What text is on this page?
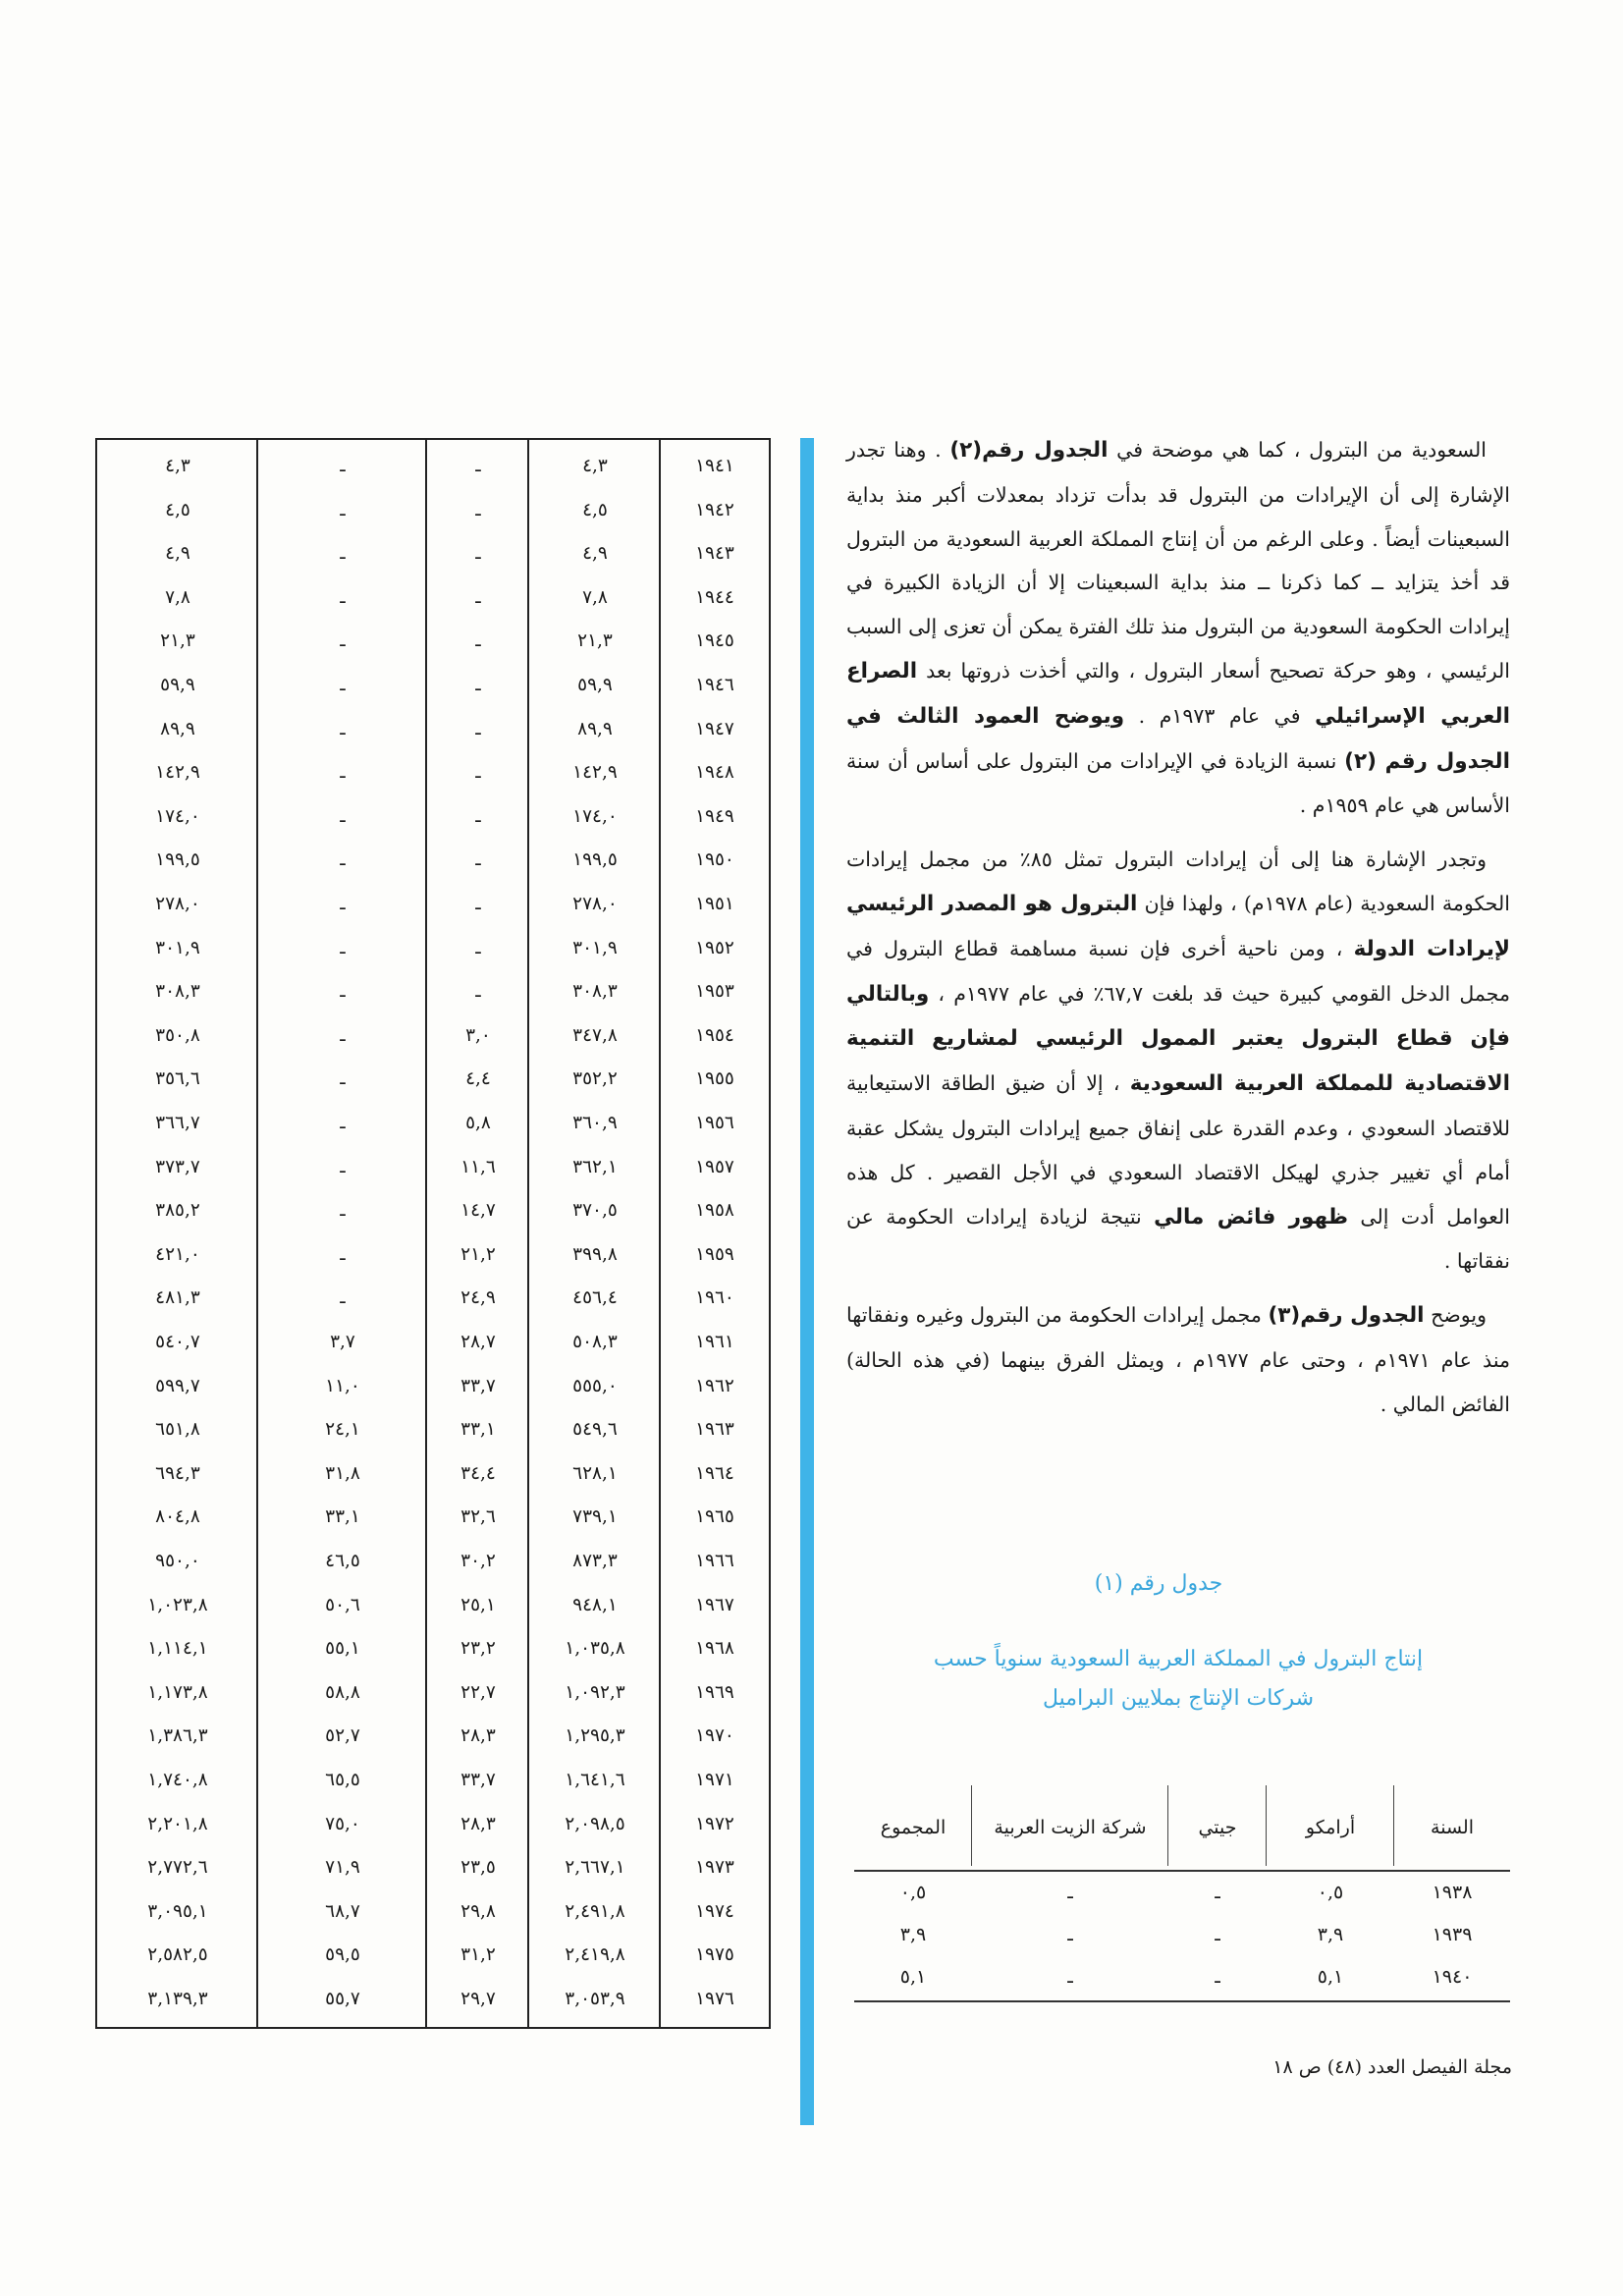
السعودية من البترول ، كما هي موضحة في الجدول رقم(٢) . وهنا تجدر الإشارة إلى أن الإيرادات من البترول قد بدأت تزداد بمعدلات أكبر منذ بداية السبعينات أيضاً . وعلى الرغم من أن إنتاج المملكة العربية السعودية من البترول قد أخذ يتزايد ــ كما ذكرنا ــ منذ بداية السبعينات إلا أن الزيادة الكبيرة في إيرادات الحكومة السعودية من البترول منذ تلك الفترة يمكن أن تعزى إلى السبب الرئيسي ، وهو حركة تصحيح أسعار البترول ، والتي أخذت ذروتها بعد الصراع العربي الإسرائيلي في عام ١٩٧٣م . ويوضح العمود الثالث في الجدول رقم (٢) نسبة الزيادة في الإيرادات من البترول على أساس أن سنة الأساس هي عام ١٩٥٩م .

وتجدر الإشارة هنا إلى أن إيرادات البترول تمثل ٨٥٪ من مجمل إيرادات الحكومة السعودية (عام ١٩٧٨م) ، ولهذا فإن البترول هو المصدر الرئيسي لإيرادات الدولة ، ومن ناحية أخرى فإن نسبة مساهمة قطاع البترول في مجمل الدخل القومي كبيرة حيث قد بلغت ٦٧,٧٪ في عام ١٩٧٧م ، وبالتالي فإن قطاع البترول يعتبر الممول الرئيسي لمشاريع التنمية الاقتصادية للمملكة العربية السعودية ، إلا أن ضيق الطاقة الاستيعابية للاقتصاد السعودي ، وعدم القدرة على إنفاق جميع إيرادات البترول يشكل عقبة أمام أي تغيير جذري لهيكل الاقتصاد السعودي في الأجل القصير . كل هذه العوامل أدت إلى ظهور فائض مالي نتيجة لزيادة إيرادات الحكومة عن نفقاتها .

ويوضح الجدول رقم(٣) مجمل إيرادات الحكومة من البترول وغيره ونفقاتها منذ عام ١٩٧١م ، وحتى عام ١٩٧٧م ، ويمثل الفرق بينهما (في هذه الحالة) الفائض المالي .

جدول رقم (١)
إنتاج البترول في المملكة العربية السعودية سنوياً حسب شركات الإنتاج بملايين البراميل
السنة
أرامكو
جيتي
شركة الزيت العربية
المجموع
١٩٣٨
٠,٥
ـ
ـ
٠,٥
١٩٣٩
٣,٩
ـ
ـ
٣,٩
١٩٤٠
٥,١
ـ
ـ
٥,١
١٩٤١
٤,٣
ـ
ـ
٤,٣
١٩٤٢
٤,٥
ـ
ـ
٤,٥
١٩٤٣
٤,٩
ـ
ـ
٤,٩
١٩٤٤
٧,٨
ـ
ـ
٧,٨
١٩٤٥
٢١,٣
ـ
ـ
٢١,٣
١٩٤٦
٥٩,٩
ـ
ـ
٥٩,٩
١٩٤٧
٨٩,٩
ـ
ـ
٨٩,٩
١٩٤٨
١٤٢,٩
ـ
ـ
١٤٢,٩
١٩٤٩
١٧٤,٠
ـ
ـ
١٧٤,٠
١٩٥٠
١٩٩,٥
ـ
ـ
١٩٩,٥
١٩٥١
٢٧٨,٠
ـ
ـ
٢٧٨,٠
١٩٥٢
٣٠١,٩
ـ
ـ
٣٠١,٩
١٩٥٣
٣٠٨,٣
ـ
ـ
٣٠٨,٣
١٩٥٤
٣٤٧,٨
٣,٠
ـ
٣٥٠,٨
١٩٥٥
٣٥٢,٢
٤,٤
ـ
٣٥٦,٦
١٩٥٦
٣٦٠,٩
٥,٨
ـ
٣٦٦,٧
١٩٥٧
٣٦٢,١
١١,٦
ـ
٣٧٣,٧
١٩٥٨
٣٧٠,٥
١٤,٧
ـ
٣٨٥,٢
١٩٥٩
٣٩٩,٨
٢١,٢
ـ
٤٢١,٠
١٩٦٠
٤٥٦,٤
٢٤,٩
ـ
٤٨١,٣
١٩٦١
٥٠٨,٣
٢٨,٧
٣,٧
٥٤٠,٧
١٩٦٢
٥٥٥,٠
٣٣,٧
١١,٠
٥٩٩,٧
١٩٦٣
٥٤٩,٦
٣٣,١
٢٤,١
٦٥١,٨
١٩٦٤
٦٢٨,١
٣٤,٤
٣١,٨
٦٩٤,٣
١٩٦٥
٧٣٩,١
٣٢,٦
٣٣,١
٨٠٤,٨
١٩٦٦
٨٧٣,٣
٣٠,٢
٤٦,٥
٩٥٠,٠
١٩٦٧
٩٤٨,١
٢٥,١
٥٠,٦
١,٠٢٣,٨
١٩٦٨
١,٠٣٥,٨
٢٣,٢
٥٥,١
١,١١٤,١
١٩٦٩
١,٠٩٢,٣
٢٢,٧
٥٨,٨
١,١٧٣,٨
١٩٧٠
١,٢٩٥,٣
٢٨,٣
٥٢,٧
١,٣٨٦,٣
١٩٧١
١,٦٤١,٦
٣٣,٧
٦٥,٥
١,٧٤٠,٨
١٩٧٢
٢,٠٩٨,٥
٢٨,٣
٧٥,٠
٢,٢٠١,٨
١٩٧٣
٢,٦٦٧,١
٢٣,٥
٧١,٩
٢,٧٧٢,٦
١٩٧٤
٢,٤٩١,٨
٢٩,٨
٦٨,٧
٣,٠٩٥,١
١٩٧٥
٢,٤١٩,٨
٣١,٢
٥٩,٥
٢,٥٨٢,٥
١٩٧٦
٣,٠٥٣,٩
٢٩,٧
٥٥,٧
٣,١٣٩,٣
مجلة الفيصل العدد (٤٨) ص ١٨
